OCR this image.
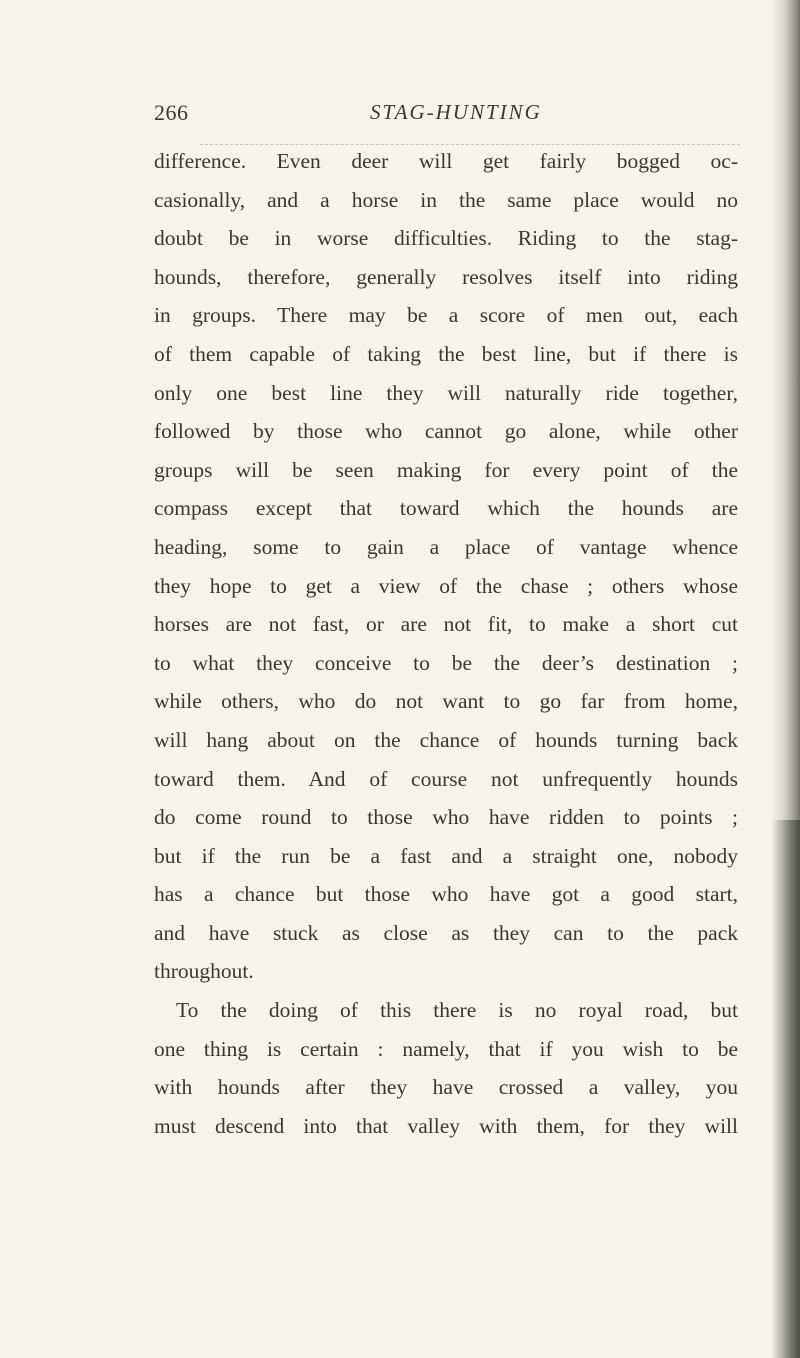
266	STAG-HUNTING
difference. Even deer will get fairly bogged oc-
casionally, and a horse in the same place would no
doubt be in worse difficulties. Riding to the stag-
hounds, therefore, generally resolves itself into riding
in groups. There may be a score of men out, each
of them capable of taking the best line, but if there is
only one best line they will naturally ride together,
followed by those who cannot go alone, while other
groups will be seen making for every point of the
compass except that toward which the hounds are
heading, some to gain a place of vantage whence
they hope to get a view of the chase ; others whose
horses are not fast, or are not fit, to make a short cut
to what they conceive to be the deer’s destination ;
while others, who do not want to go far from home,
will hang about on the chance of hounds turning back
toward them. And of course not unfrequently hounds
do come round to those who have ridden to points ;
but if the run be a fast and a straight one, nobody
has a chance but those who have got a good start,
and have stuck as close as they can to the pack
throughout.
To the doing of this there is no royal road, but
one thing is certain : namely, that if you wish to be
with hounds after they have crossed a valley, you
must descend into that valley with them, for they will
